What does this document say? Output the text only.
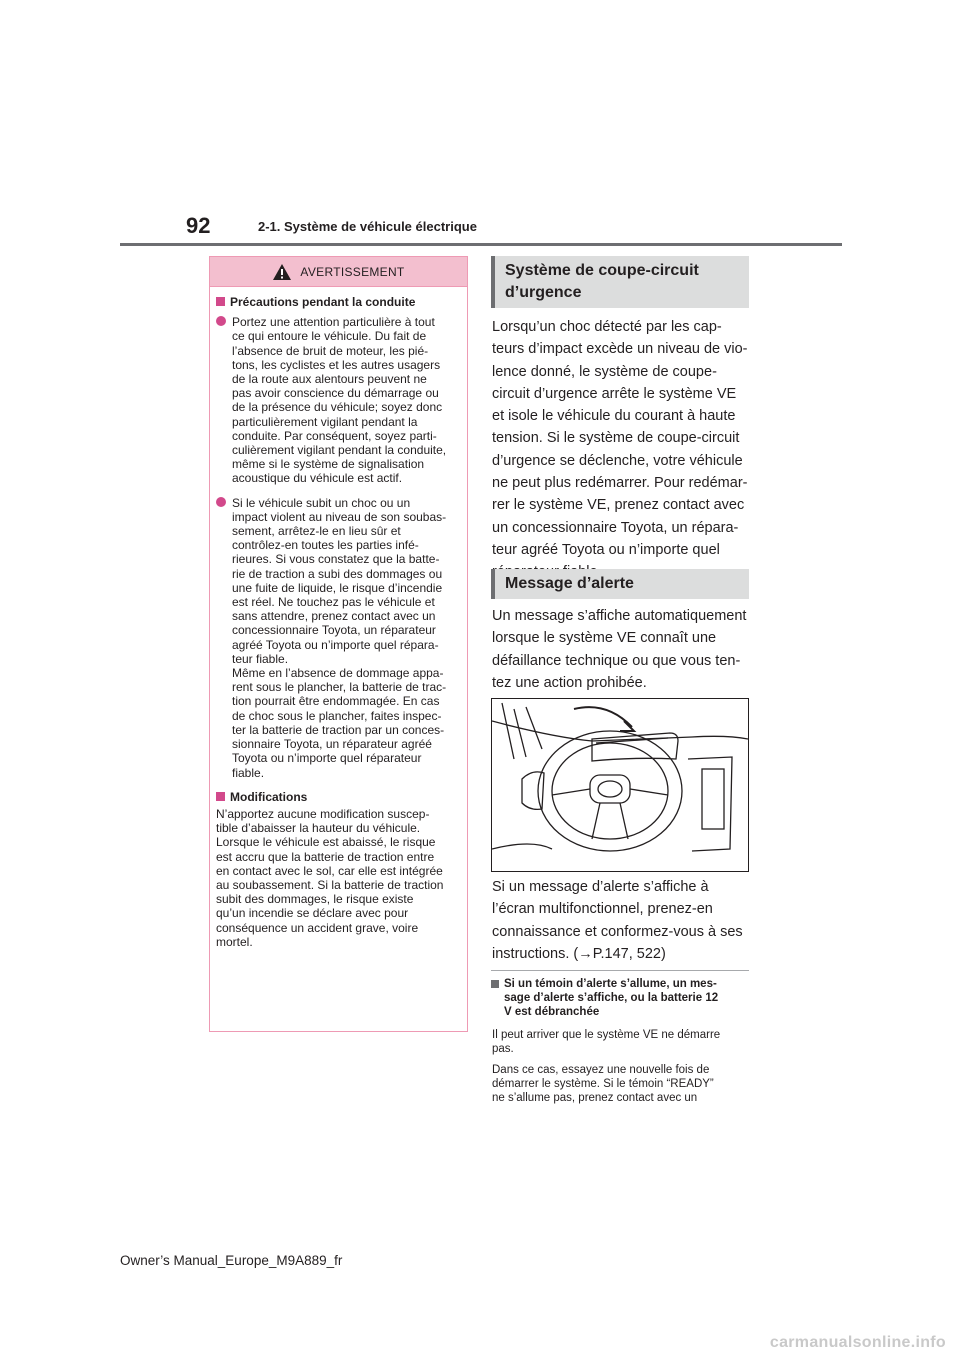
92	2-1. Système de véhicule électrique
AVERTISSEMENT
Précautions pendant la conduite
Portez une attention particulière à tout
ce qui entoure le véhicule. Du fait de
l’absence de bruit de moteur, les pié-
tons, les cyclistes et les autres usagers
de la route aux alentours peuvent ne
pas avoir conscience du démarrage ou
de la présence du véhicule; soyez donc
particulièrement vigilant pendant la
conduite. Par conséquent, soyez parti-
culièrement vigilant pendant la conduite,
même si le système de signalisation
acoustique du véhicule est actif.
Si le véhicule subit un choc ou un
impact violent au niveau de son soubas-
sement, arrêtez-le en lieu sûr et
contrôlez-en toutes les parties infé-
rieures. Si vous constatez que la batte-
rie de traction a subi des dommages ou
une fuite de liquide, le risque d’incendie
est réel. Ne touchez pas le véhicule et
sans attendre, prenez contact avec un
concessionnaire Toyota, un réparateur
agréé Toyota ou n’importe quel répara-
teur fiable.
Même en l’absence de dommage appa-
rent sous le plancher, la batterie de trac-
tion pourrait être endommagée. En cas
de choc sous le plancher, faites inspec-
ter la batterie de traction par un conces-
sionnaire Toyota, un réparateur agréé
Toyota ou n’importe quel réparateur
fiable.
Modifications
N’apportez aucune modification suscep-
tible d’abaisser la hauteur du véhicule.
Lorsque le véhicule est abaissé, le risque
est accru que la batterie de traction entre
en contact avec le sol, car elle est intégrée
au soubassement. Si la batterie de traction
subit des dommages, le risque existe
qu’un incendie se déclare avec pour
conséquence un accident grave, voire
mortel.
Système de coupe-circuit
d’urgence
Lorsqu’un choc détecté par les cap-
teurs d’impact excède un niveau de vio-
lence donné, le système de coupe-
circuit d’urgence arrête le système VE
et isole le véhicule du courant à haute
tension. Si le système de coupe-circuit
d’urgence se déclenche, votre véhicule
ne peut plus redémarrer. Pour redémar-
rer le système VE, prenez contact avec
un concessionnaire Toyota, un répara-
teur agréé Toyota ou n’importe quel

Message d’alerte
Un message s’affiche automatiquement
lorsque le système VE connaît une
défaillance technique ou que vous ten-
tez une action prohibée.
Si un message d’alerte s’affiche à
l’écran multifonctionnel, prenez-en
connaissance et conformez-vous à ses
instructions. (→P.147, 522)
Si un témoin d’alerte s’allume, un mes-
sage d’alerte s’affiche, ou la batterie 12
V est débranchée
Il peut arriver que le système VE ne démarre
pas.
Dans ce cas, essayez une nouvelle fois de
démarrer le système. Si le témoin “READY”
ne s’allume pas, prenez contact avec un
Owner’s Manual_Europe_M9A889_fr
carmanualsonline.info
